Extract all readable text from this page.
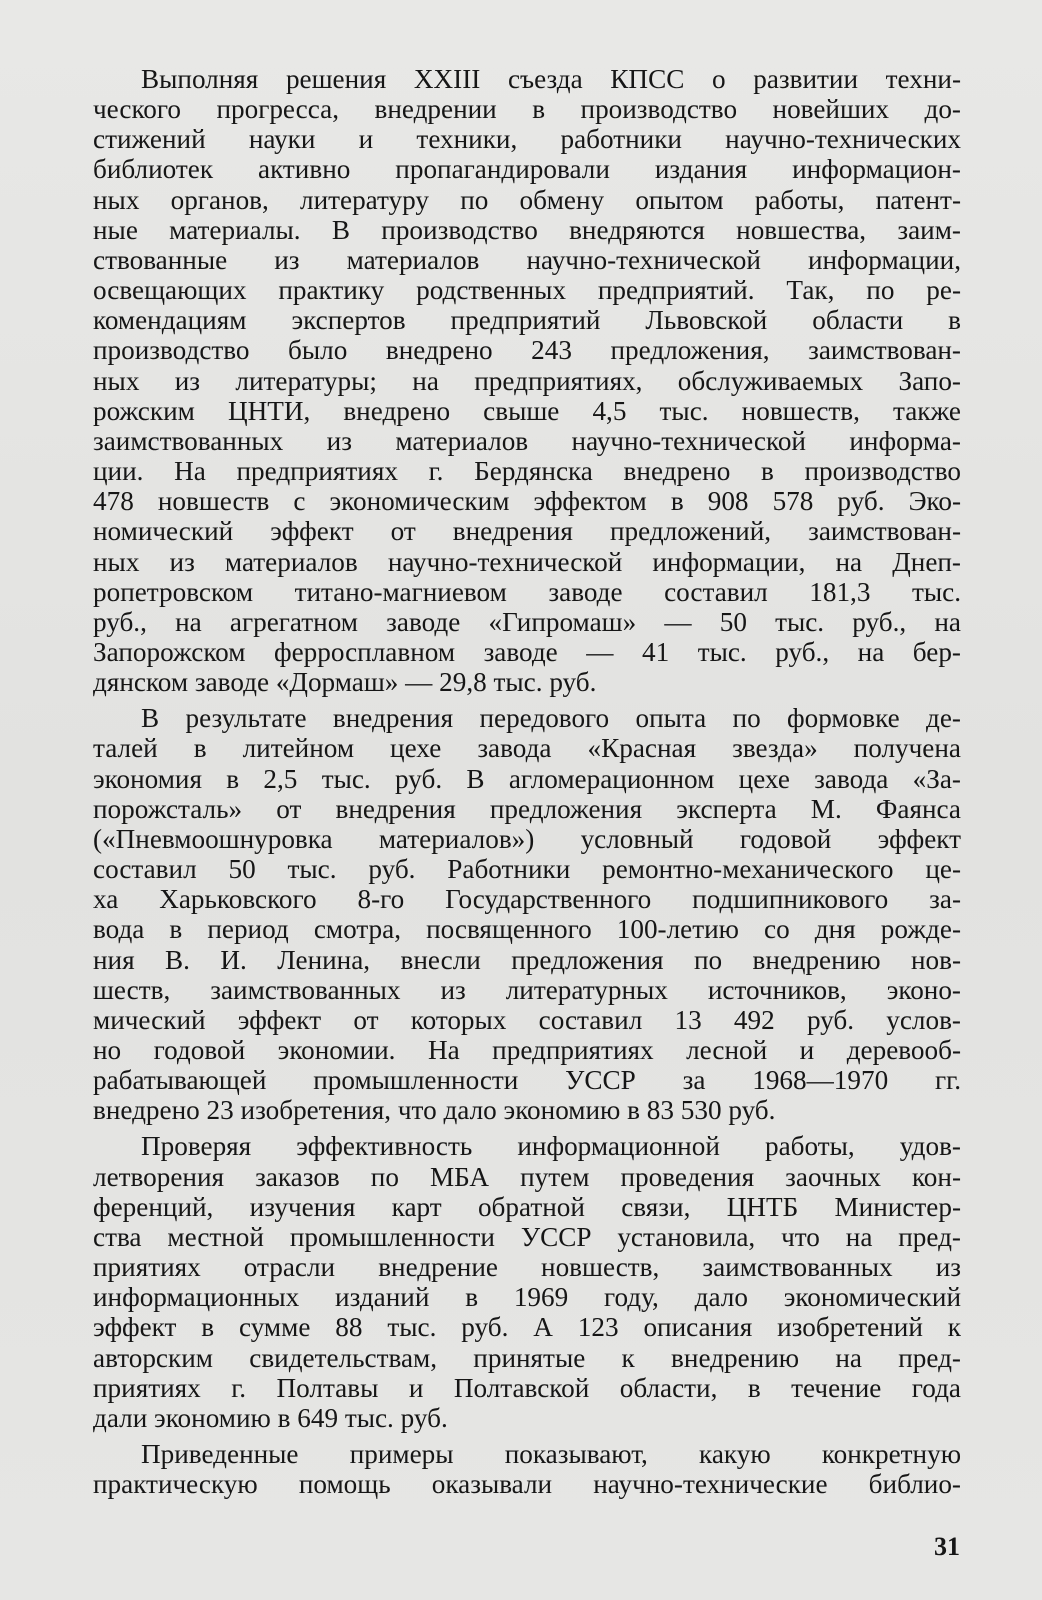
Выполняя решения XXIII съезда КПСС о развитии техни-
ческого прогресса, внедрении в производство новейших до-
стижений науки и техники, работники научно-технических
библиотек активно пропагандировали издания информацион-
ных органов, литературу по обмену опытом работы, патент-
ные материалы. В производство внедряются новшества, заим-
ствованные из материалов научно-технической информации,
освещающих практику родственных предприятий. Так, по ре-
комендациям экспертов предприятий Львовской области в
производство было внедрено 243 предложения, заимствован-
ных из литературы; на предприятиях, обслуживаемых Запо-
рожским ЦНТИ, внедрено свыше 4,5 тыс. новшеств, также
заимствованных из материалов научно-технической информа-
ции. На предприятиях г. Бердянска внедрено в производство
478 новшеств с экономическим эффектом в 908 578 руб. Эко-
номический эффект от внедрения предложений, заимствован-
ных из материалов научно-технической информации, на Днеп-
ропетровском титано-магниевом заводе составил 181,3 тыс.
руб., на агрегатном заводе «Гипромаш» — 50 тыс. руб., на
Запорожском ферросплавном заводе — 41 тыс. руб., на бер-
дянском заводе «Дормаш» — 29,8 тыс. руб.
В результате внедрения передового опыта по формовке де-
талей в литейном цехе завода «Красная звезда» получена
экономия в 2,5 тыс. руб. В агломерационном цехе завода «За-
порожсталь» от внедрения предложения эксперта М. Фаянса
(«Пневмоошнуровка материалов») условный годовой эффект
составил 50 тыс. руб. Работники ремонтно-механического це-
ха Харьковского 8-го Государственного подшипникового за-
вода в период смотра, посвященного 100-летию со дня рожде-
ния В. И. Ленина, внесли предложения по внедрению нов-
шеств, заимствованных из литературных источников, эконо-
мический эффект от которых составил 13 492 руб. услов-
но годовой экономии. На предприятиях лесной и деревооб-
рабатывающей промышленности УССР за 1968—1970 гг.
внедрено 23 изобретения, что дало экономию в 83 530 руб.
Проверяя эффективность информационной работы, удов-
летворения заказов по МБА путем проведения заочных кон-
ференций, изучения карт обратной связи, ЦНТБ Министер-
ства местной промышленности УССР установила, что на пред-
приятиях отрасли внедрение новшеств, заимствованных из
информационных изданий в 1969 году, дало экономический
эффект в сумме 88 тыс. руб. А 123 описания изобретений к
авторским свидетельствам, принятые к внедрению на пред-
приятиях г. Полтавы и Полтавской области, в течение года
дали экономию в 649 тыс. руб.
Приведенные примеры показывают, какую конкретную
практическую помощь оказывали научно-технические библио-
31
